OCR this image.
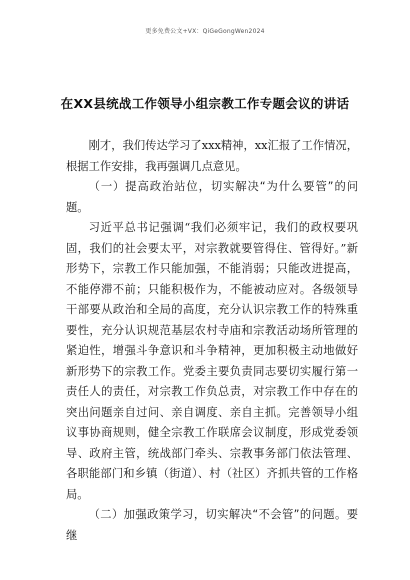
更多免费公文+VX：QiGeGongWen2024
在XX县统战工作领导小组宗教工作专题会议的讲话

刚才，我们传达学习了xxx精神，xx汇报了工作情况，根据工作安排，我再强调几点意见。

（一）提高政治站位，切实解决“为什么要管”的问题。

习近平总书记强调“我们必须牢记，我们的政权要巩固，我们的社会要太平，对宗教就要管得住、管得好。”新形势下，宗教工作只能加强，不能消弱；只能改进提高，不能停滞不前；只能积极作为，不能被动应对。各级领导干部要从政治和全局的高度，充分认识宗教工作的特殊重要性，充分认识规范基层农村寺庙和宗教活动场所管理的紧迫性，增强斗争意识和斗争精神，更加积极主动地做好新形势下的宗教工作。党委主要负责同志要切实履行第一责任人的责任，对宗教工作负总责，对宗教工作中存在的突出问题亲自过问、亲自调度、亲自主抓。完善领导小组议事协商规则，健全宗教工作联席会议制度，形成党委领导、政府主管，统战部门牵头、宗教事务部门依法管理、各职能部门和乡镇（街道）、村（社区）齐抓共管的工作格局。

（二）加强政策学习，切实解决“不会管”的问题。要继
